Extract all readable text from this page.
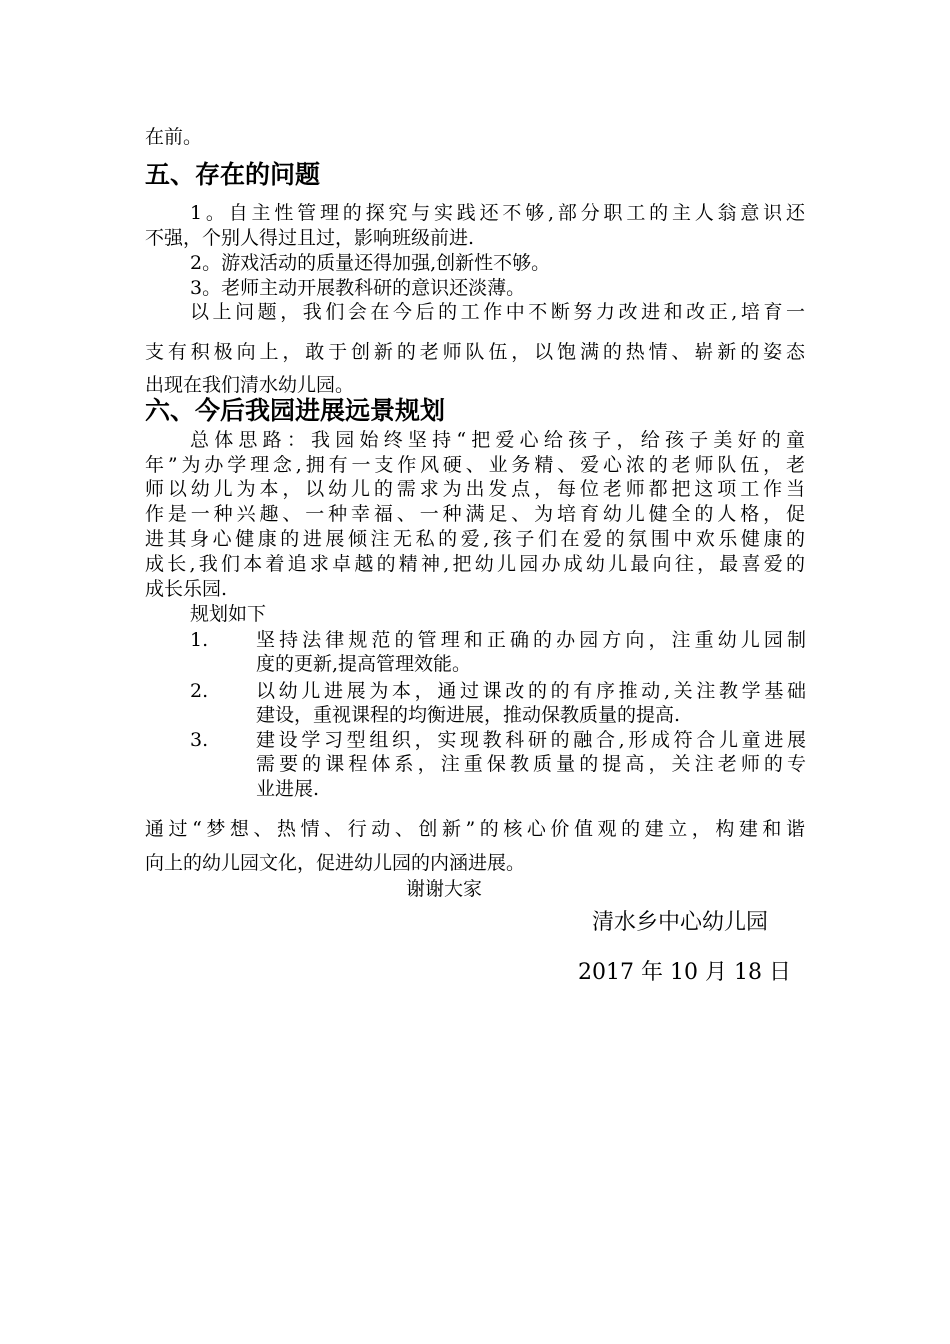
在前。
五、存在的问题
1。自主性管理的探究与实践还不够,部分职工的主人翁意识还
不强，个别人得过且过，影响班级前进.
2。游戏活动的质量还得加强,创新性不够。
3。老师主动开展教科研的意识还淡薄。
以上问题，我们会在今后的工作中不断努力改进和改正,培育一
支有积极向上，敢于创新的老师队伍，以饱满的热情、崭新的姿态
出现在我们清水幼儿园。
六、今后我园进展远景规划
总体思路：我园始终坚持“把爱心给孩子，给孩子美好的童
年”为办学理念,拥有一支作风硬、业务精、爱心浓的老师队伍，老
师以幼儿为本，以幼儿的需求为出发点，每位老师都把这项工作当
作是一种兴趣、一种幸福、一种满足、为培育幼儿健全的人格，促
进其身心健康的进展倾注无私的爱,孩子们在爱的氛围中欢乐健康的
成长,我们本着追求卓越的精神,把幼儿园办成幼儿最向往，最喜爱的
成长乐园.
规划如下
1.	坚持法律规范的管理和正确的办园方向，注重幼儿园制
度的更新,提高管理效能。
2.	以幼儿进展为本，通过课改的的有序推动,关注教学基础
建设，重视课程的均衡进展，推动保教质量的提高.
3.	建设学习型组织，实现教科研的融合,形成符合儿童进展
需要的课程体系，注重保教质量的提高，关注老师的专
业进展.
通过“梦想、热情、行动、创新”的核心价值观的建立，构建和谐
向上的幼儿园文化，促进幼儿园的内涵进展。
谢谢大家
清水乡中心幼儿园
2017 年 10 月 18 日
